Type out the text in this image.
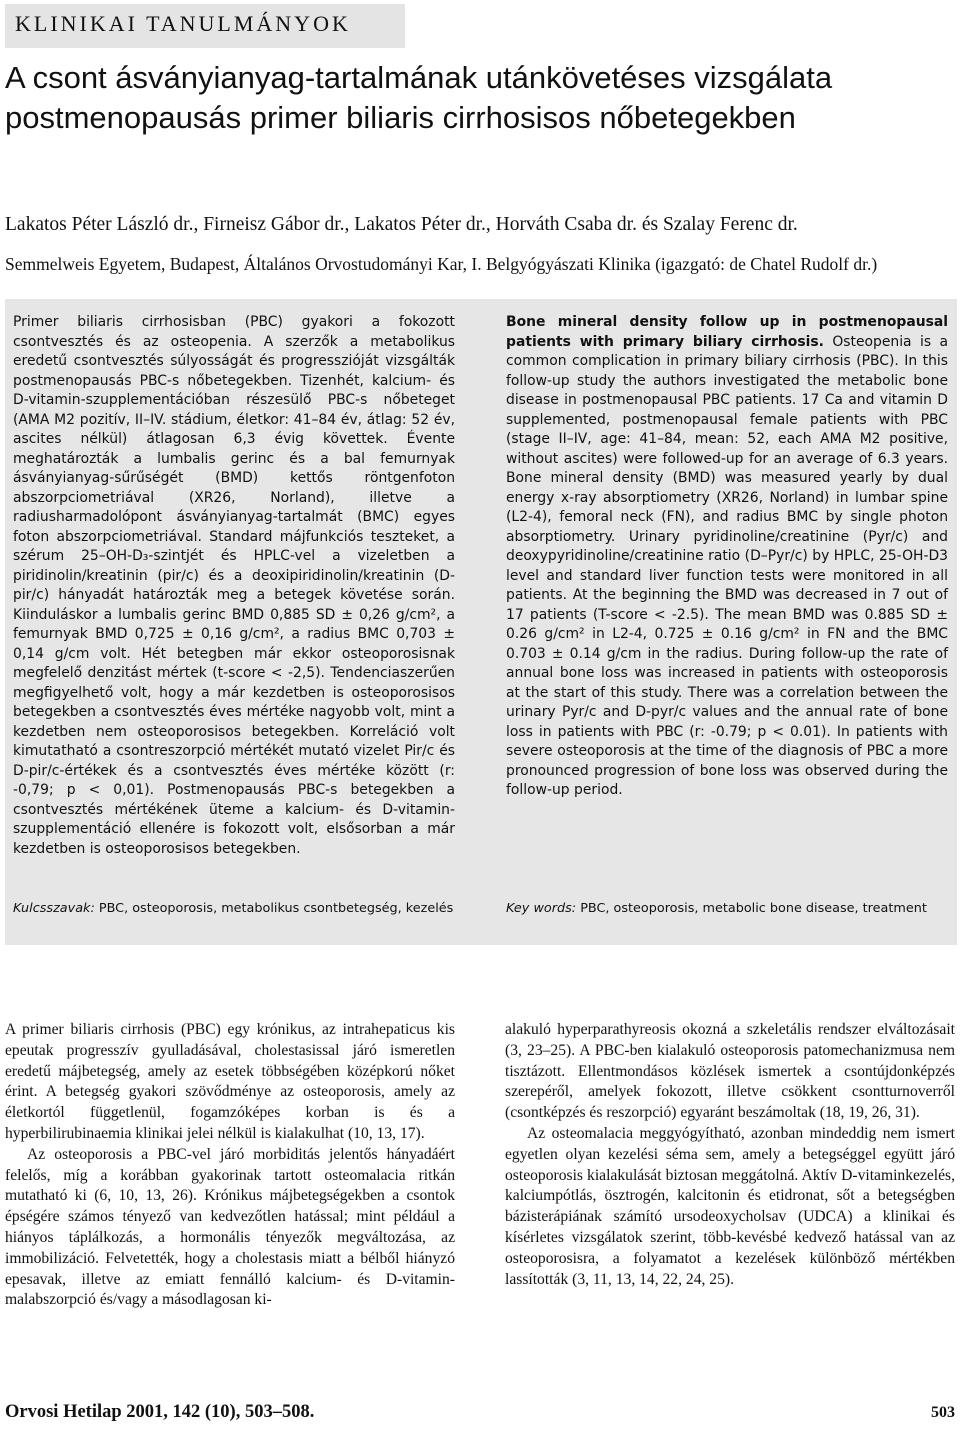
KLINIKAI TANULMÁNYOK
A csont ásványianyag-tartalmának utánkövetéses vizsgálata postmenopausás primer biliaris cirrhosisos nőbetegekben
Lakatos Péter László dr., Firneisz Gábor dr., Lakatos Péter dr., Horváth Csaba dr. és Szalay Ferenc dr.
Semmelweis Egyetem, Budapest, Általános Orvostudományi Kar, I. Belgyógyászati Klinika (igazgató: de Chatel Rudolf dr.)

Primer biliaris cirrhosisban (PBC) gyakori a fokozott csontvesztés és az osteopenia. A szerzők a metabolikus eredetű csontvesztés súlyosságát és progresszióját vizsgálták postmenopausás PBC-s nőbetegekben. Tizenhét, kalcium- és D-vitamin-szupplementációban részesülő PBC-s nőbeteget (AMA M2 pozitív, II–IV. stádium, életkor: 41–84 év, átlag: 52 év, ascites nélkül) átlagosan 6,3 évig követtek. Évente meghatározták a lumbalis gerinc és a bal femurnyak ásványianyag-sűrűségét (BMD) kettős röntgenfoton abszorpciometriával (XR26, Norland), illetve a radiusharmadolópont ásványianyag-tartalmát (BMC) egyes foton abszorpciometriával. Standard májfunkciós teszteket, a szérum 25–OH-D₃-szintjét és HPLC-vel a vizeletben a piridinolin/kreatinin (pir/c) és a deoxipiridinolin/kreatinin (D-pir/c) hányadát határozták meg a betegek követése során. Kiinduláskor a lumbalis gerinc BMD 0,885 SD ± 0,26 g/cm², a femurnyak BMD 0,725 ± 0,16 g/cm², a radius BMC 0,703 ± 0,14 g/cm volt. Hét betegben már ekkor osteoporosisnak megfelelő denzitást mértek (t-score < -2,5). Tendenciaszerűen megfigyelhető volt, hogy a már kezdetben is osteoporosisos betegekben a csontvesztés éves mértéke nagyobb volt, mint a kezdetben nem osteoporosisos betegekben. Korreláció volt kimutatható a csontreszorpció mértékét mutató vizelet Pir/c és D-pir/c-értékek és a csontvesztés éves mértéke között (r: -0,79; p < 0,01). Postmenopausás PBC-s betegekben a csontvesztés mértékének üteme a kalcium- és D-vitamin-szupplementáció ellenére is fokozott volt, elsősorban a már kezdetben is osteoporosisos betegekben.

Bone mineral density follow up in postmenopausal patients with primary biliary cirrhosis. Osteopenia is a common complication in primary biliary cirrhosis (PBC). In this follow-up study the authors investigated the metabolic bone disease in postmenopausal PBC patients. 17 Ca and vitamin D supplemented, postmenopausal female patients with PBC (stage II–IV, age: 41–84, mean: 52, each AMA M2 positive, without ascites) were followed-up for an average of 6.3 years. Bone mineral density (BMD) was measured yearly by dual energy x-ray absorptiometry (XR26, Norland) in lumbar spine (L2-4), femoral neck (FN), and radius BMC by single photon absorptiometry. Urinary pyridinoline/creatinine (Pyr/c) and deoxypyridinoline/creatinine ratio (D–Pyr/c) by HPLC, 25-OH-D3 level and standard liver function tests were monitored in all patients. At the beginning the BMD was decreased in 7 out of 17 patients (T-score < -2.5). The mean BMD was 0.885 SD ± 0.26 g/cm² in L2-4, 0.725 ± 0.16 g/cm² in FN and the BMC 0.703 ± 0.14 g/cm in the radius. During follow-up the rate of annual bone loss was increased in patients with osteoporosis at the start of this study. There was a correlation between the urinary Pyr/c and D-pyr/c values and the annual rate of bone loss in patients with PBC (r: -0.79; p < 0.01). In patients with severe osteoporosis at the time of the diagnosis of PBC a more pronounced progression of bone loss was observed during the follow-up period.

Kulcsszavak: PBC, osteoporosis, metabolikus csontbetegség, kezelés	Key words: PBC, osteoporosis, metabolic bone disease, treatment

A primer biliaris cirrhosis (PBC) egy krónikus, az intrahepaticus kis epeutak progresszív gyulladásával, cholestasissal járó ismeretlen eredetű májbetegség, amely az esetek többségében középkorú nőket érint. A betegség gyakori szövődménye az osteoporosis, amely az életkortól függetlenül, fogamzóképes korban is és a hyperbilirubinaemia klinikai jelei nélkül is kialakulhat (10, 13, 17).

Az osteoporosis a PBC-vel járó morbiditás jelentős hányadáért felelős, míg a korábban gyakorinak tartott osteomalacia ritkán mutatható ki (6, 10, 13, 26). Krónikus májbetegségekben a csontok épségére számos tényező van kedvezőtlen hatással; mint például a hiányos táplálkozás, a hormonális tényezők megváltozása, az immobilizáció. Felvetették, hogy a cholestasis miatt a bélből hiányzó epesavak, illetve az emiatt fennálló kalcium- és D-vitamin-malabszorpció és/vagy a másodlagosan ki-

alakuló hyperparathyreosis okozná a szkeletális rendszer elváltozásait (3, 23–25). A PBC-ben kialakuló osteoporosis patomechanizmusa nem tisztázott. Ellentmondásos közlések ismertek a csontújdonképzés szerepéről, amelyek fokozott, illetve csökkent csontturnoverről (csontképzés és reszorpció) egyaránt beszámoltak (18, 19, 26, 31).

Az osteomalacia meggyógyítható, azonban mindeddig nem ismert egyetlen olyan kezelési séma sem, amely a betegséggel együtt járó osteoporosis kialakulását biztosan meggátolná. Aktív D-vitaminkezelés, kalciumpótlás, ösztrogén, kalcitonin és etidronat, sőt a betegségben bázisterápiának számító ursodeoxycholsav (UDCA) a klinikai és kísérletes vizsgálatok szerint, több-kevésbé kedvező hatással van az osteoporosisra, a folyamatot a kezelések különböző mértékben lassították (3, 11, 13, 14, 22, 24, 25).

Orvosi Hetilap 2001, 142 (10), 503–508.	503
